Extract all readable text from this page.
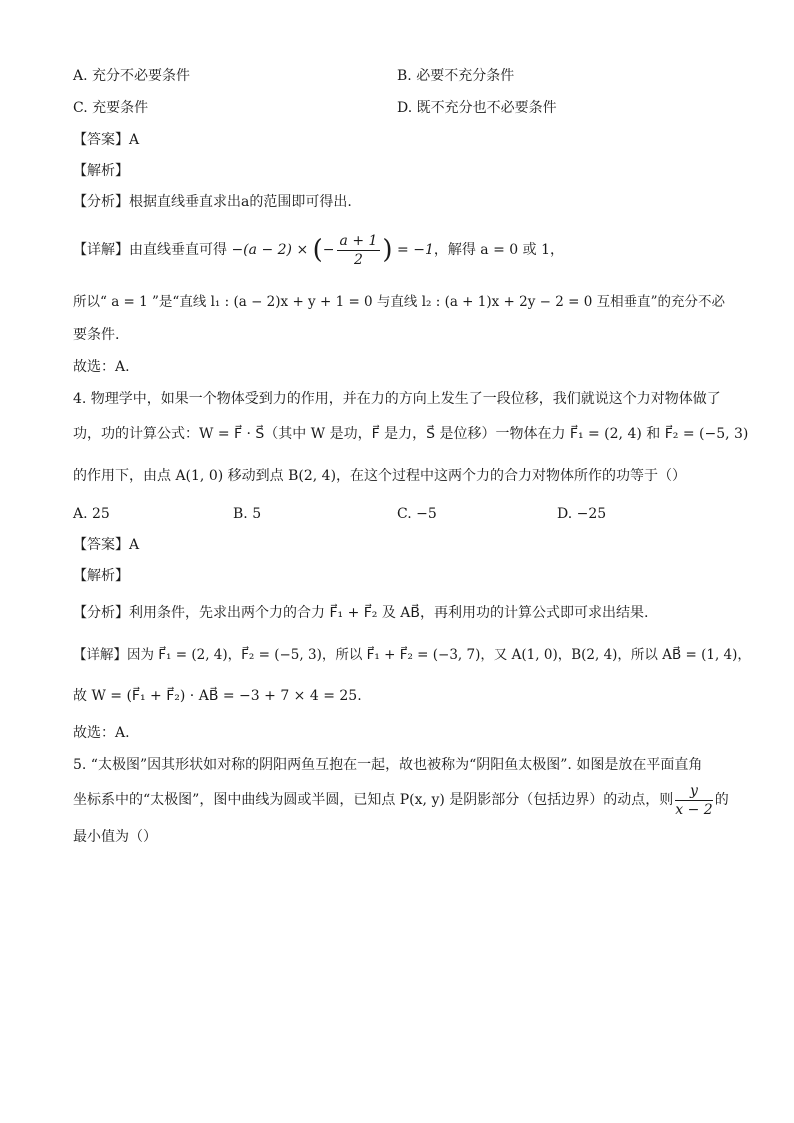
A. 充分不必要条件	B. 必要不充分条件
C. 充要条件	D. 既不充分也不必要条件
【答案】A
【解析】
【分析】根据直线垂直求出a的范围即可得出.
【详解】由直线垂直可得 −(a − 2) × (− $\frac{a + 1}{2}$ ) = −1，解得 a = 0 或 1，
所以“ a = 1 ”是“直线 l₁ : (a − 2)x + y + 1 = 0 与直线 l₂ : (a + 1)x + 2y − 2 = 0 互相垂直”的充分不必
要条件.
故选：A.
4. 物理学中，如果一个物体受到力的作用，并在力的方向上发生了一段位移，我们就说这个力对物体做了
功，功的计算公式：W = F⃗ · S⃗（其中 W 是功，F⃗ 是力，S⃗ 是位移）一物体在力 F⃗₁ = (2, 4) 和 F⃗₂ = (−5, 3)
的作用下，由点 A(1, 0) 移动到点 B(2, 4)，在这个过程中这两个力的合力对物体所作的功等于（）
A. 25	B. 5	C. −5	D. −25
【答案】A
【解析】
【分析】利用条件，先求出两个力的合力 F⃗₁ + F⃗₂ 及 AB⃗，再利用功的计算公式即可求出结果.
【详解】因为 F⃗₁ = (2, 4)，F⃗₂ = (−5, 3)，所以 F⃗₁ + F⃗₂ = (−3, 7)，又 A(1, 0)，B(2, 4)，所以 AB⃗ = (1, 4)，
故 W = (F⃗₁ + F⃗₂) · AB⃗ = −3 + 7 × 4 = 25.
故选：A.
5. “太极图”因其形状如对称的阴阳两鱼互抱在一起，故也被称为“阴阳鱼太极图”. 如图是放在平面直角
坐标系中的“太极图”，图中曲线为圆或半圆，已知点 P(x, y) 是阴影部分（包括边界）的动点，则 $\frac{y}{x - 2}$ 的
最小值为（）
